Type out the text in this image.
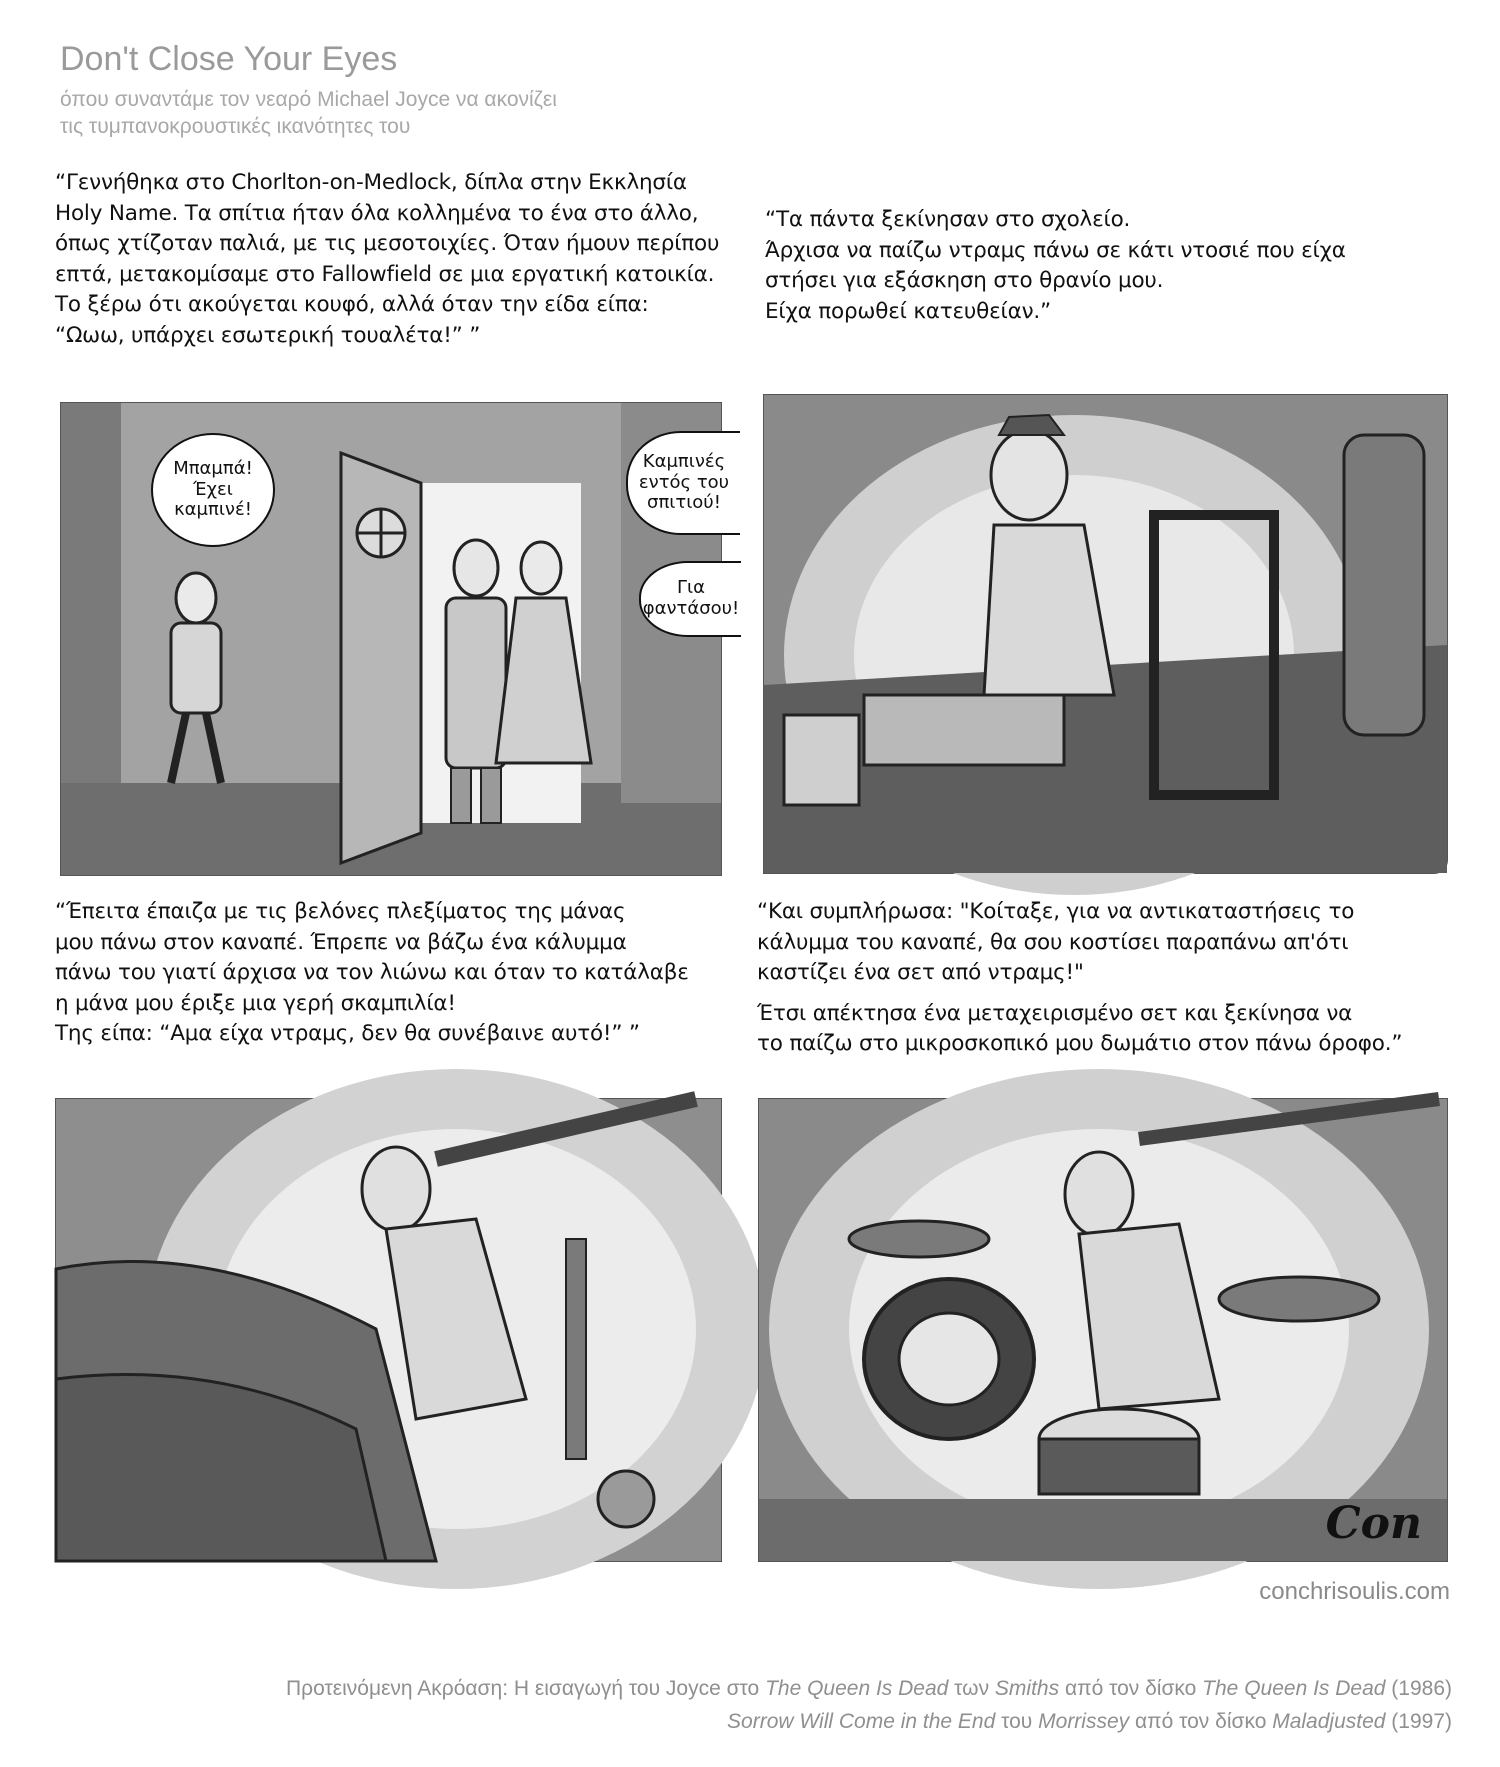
Don't Close Your Eyes
όπου συναντάμε τον νεαρό Michael Joyce να ακονίζει
τις τυμπανοκρουστικές ικανότητες του
“Γεννήθηκα στο Chorlton-on-Medlock, δίπλα στην Εκκλησία
Holy Name. Τα σπίτια ήταν όλα κολλημένα το ένα στο άλλο,
όπως χτίζοταν παλιά, με τις μεσοτοιχίες. Όταν ήμουν περίπου
επτά, μετακομίσαμε στο Fallowfield σε μια εργατική κατοικία.
Το ξέρω ότι ακούγεται κουφό, αλλά όταν την είδα είπα:
“Ωωω, υπάρχει εσωτερική τουαλέτα!” ”
“Τα πάντα ξεκίνησαν στο σχολείο.
Άρχισα να παίζω ντραμς πάνω σε κάτι ντοσιέ που είχα
στήσει για εξάσκηση στο θρανίο μου.
Είχα πορωθεί κατευθείαν.”
Μπαμπά!
Έχει
καμπινέ!
Καμπινές
εντός του
σπιτιού!
Για
φαντάσου!
“Έπειτα έπαιζα με τις βελόνες πλεξίματος της μάνας
μου πάνω στον καναπέ. Έπρεπε να βάζω ένα κάλυμμα
πάνω του γιατί άρχισα να τον λιώνω και όταν το κατάλαβε
η μάνα μου έριξε μια γερή σκαμπιλία!
Της είπα: “Αμα είχα ντραμς, δεν θα συνέβαινε αυτό!” ”
“Και συμπλήρωσα: "Κοίταξε, για να αντικαταστήσεις το
κάλυμμα του καναπέ, θα σου κοστίσει παραπάνω απ'ότι
καστίζει ένα σετ από ντραμς!"
Έτσι απέκτησα ένα μεταχειρισμένο σετ και ξεκίνησα να
το παίζω στο μικροσκοπικό μου δωμάτιο στον πάνω όροφο.”
Con
conchrisoulis.com
Προτεινόμενη Ακρόαση: Η εισαγωγή του Joyce στο The Queen Is Dead των Smiths από τον δίσκο The Queen Is Dead (1986)
Sorrow Will Come in the End του Morrissey από τον δίσκο Maladjusted (1997)
